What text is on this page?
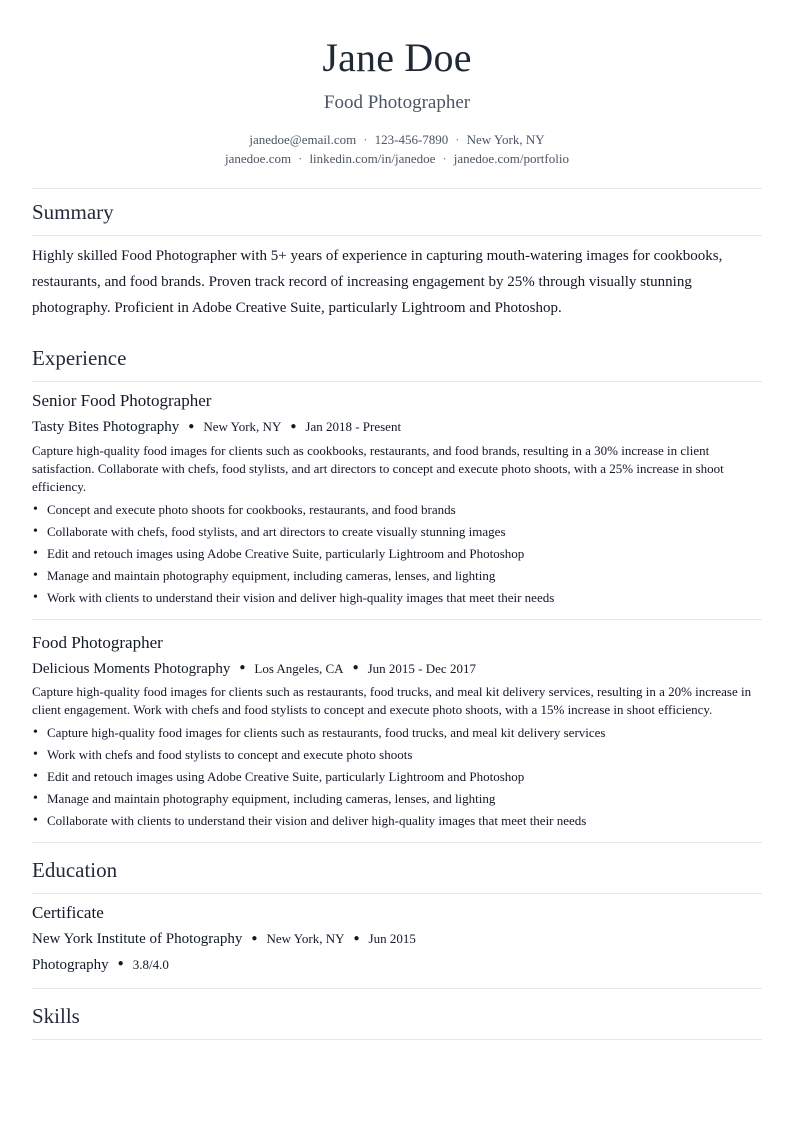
Jane Doe
Food Photographer
janedoe@email.com · 123-456-7890 · New York, NY
janedoe.com · linkedin.com/in/janedoe · janedoe.com/portfolio
Summary
Highly skilled Food Photographer with 5+ years of experience in capturing mouth-watering images for cookbooks, restaurants, and food brands. Proven track record of increasing engagement by 25% through visually stunning photography. Proficient in Adobe Creative Suite, particularly Lightroom and Photoshop.
Experience
Senior Food Photographer
Tasty Bites Photography ● New York, NY ● Jan 2018 - Present
Capture high-quality food images for clients such as cookbooks, restaurants, and food brands, resulting in a 30% increase in client satisfaction. Collaborate with chefs, food stylists, and art directors to concept and execute photo shoots, with a 25% increase in shoot efficiency.
• Concept and execute photo shoots for cookbooks, restaurants, and food brands
• Collaborate with chefs, food stylists, and art directors to create visually stunning images
• Edit and retouch images using Adobe Creative Suite, particularly Lightroom and Photoshop
• Manage and maintain photography equipment, including cameras, lenses, and lighting
• Work with clients to understand their vision and deliver high-quality images that meet their needs
Food Photographer
Delicious Moments Photography ● Los Angeles, CA ● Jun 2015 - Dec 2017
Capture high-quality food images for clients such as restaurants, food trucks, and meal kit delivery services, resulting in a 20% increase in client engagement. Work with chefs and food stylists to concept and execute photo shoots, with a 15% increase in shoot efficiency.
• Capture high-quality food images for clients such as restaurants, food trucks, and meal kit delivery services
• Work with chefs and food stylists to concept and execute photo shoots
• Edit and retouch images using Adobe Creative Suite, particularly Lightroom and Photoshop
• Manage and maintain photography equipment, including cameras, lenses, and lighting
• Collaborate with clients to understand their vision and deliver high-quality images that meet their needs
Education
Certificate
New York Institute of Photography ● New York, NY ● Jun 2015
Photography ● 3.8/4.0
Skills
